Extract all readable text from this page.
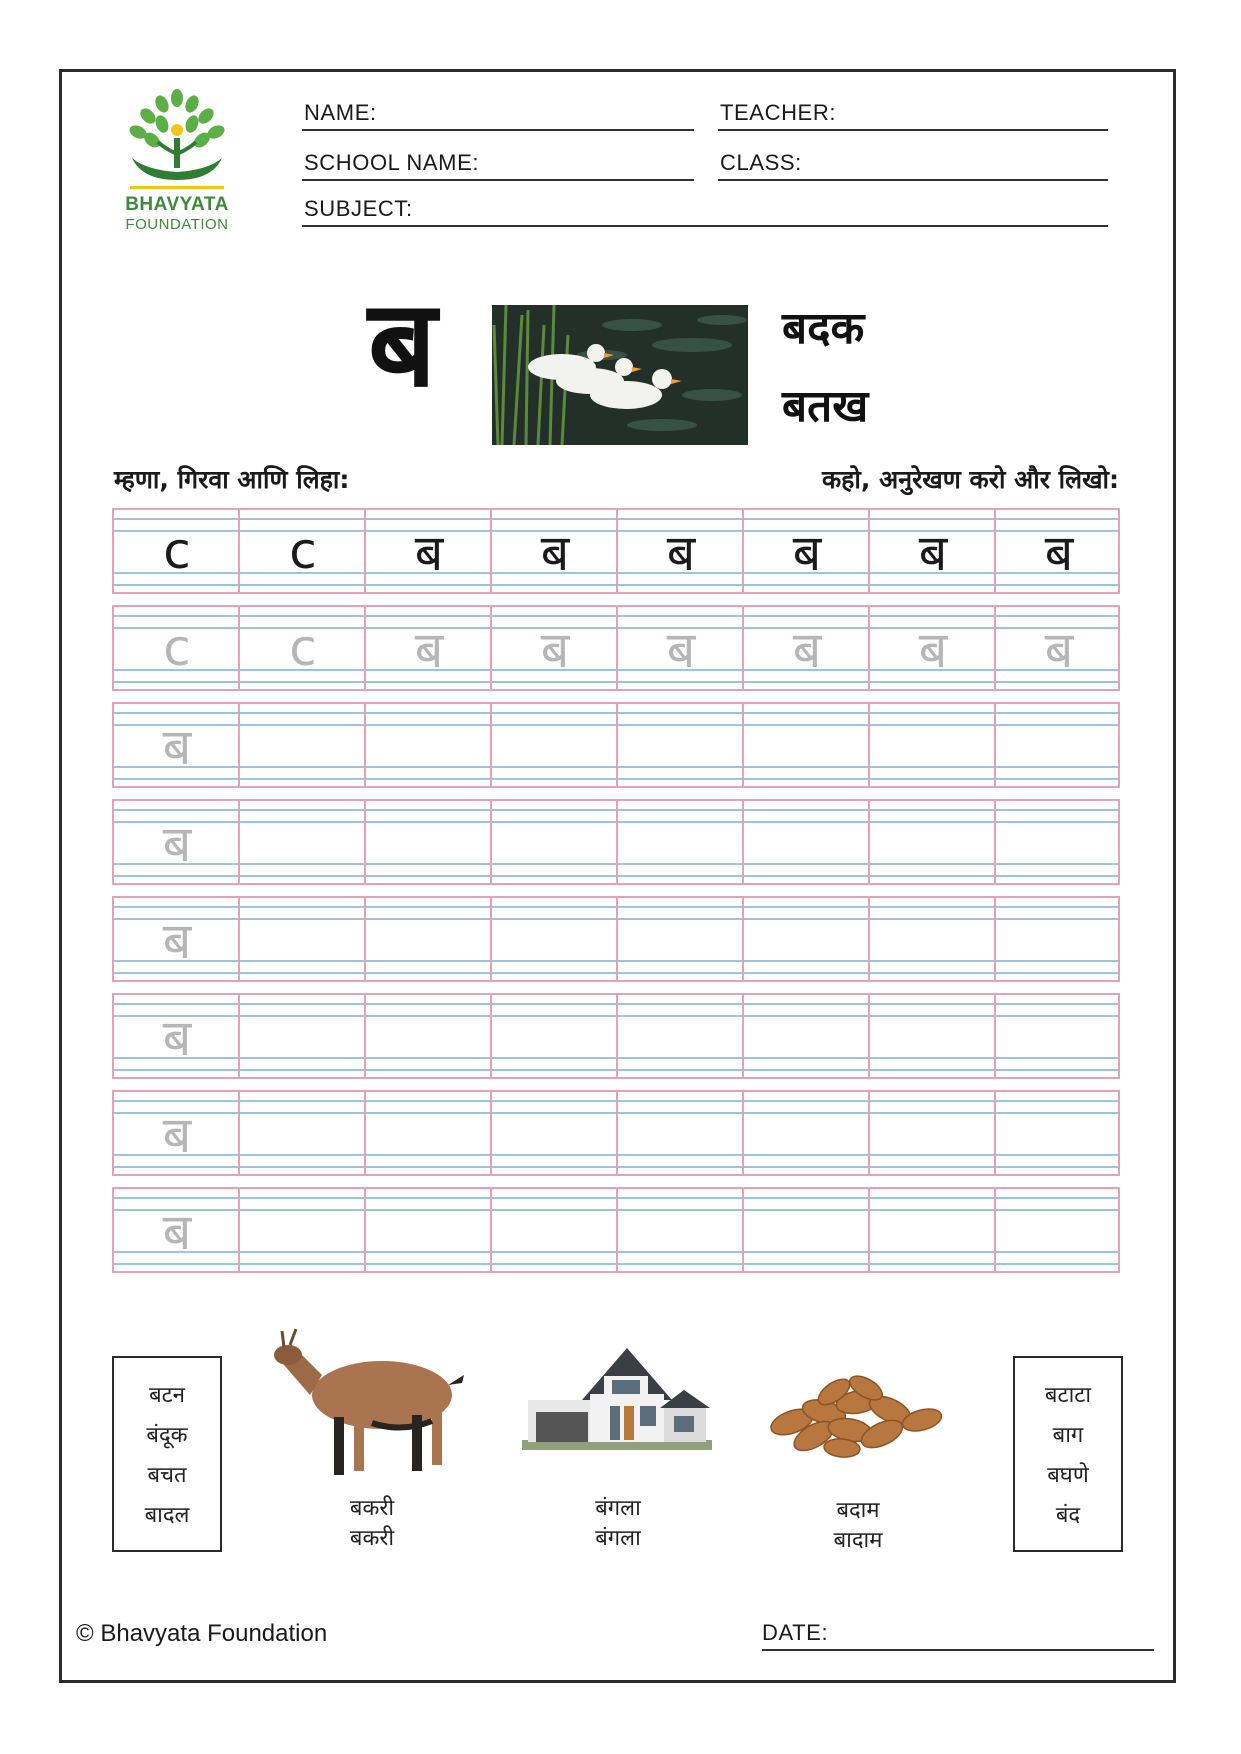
BHAVYATA
FOUNDATION
NAME:	TEACHER:
SCHOOL NAME:	CLASS:
SUBJECT:
ब	बदक
बतख
म्हणा, गिरवा आणि लिहा:	कहो, अनुरेखण करो और लिखो:
c	c	ब	ब	ब	ब	ब	ब
c	c	ब	ब	ब	ब	ब	ब
ब
ब
ब
ब
ब
ब
बटन
बंदूक
बचत
बादल
बटाटा
बाग
बघणे
बंद
बकरी
बकरी
बंगला
बंगला
बदाम
बादाम
© Bhavyata Foundation	DATE:
